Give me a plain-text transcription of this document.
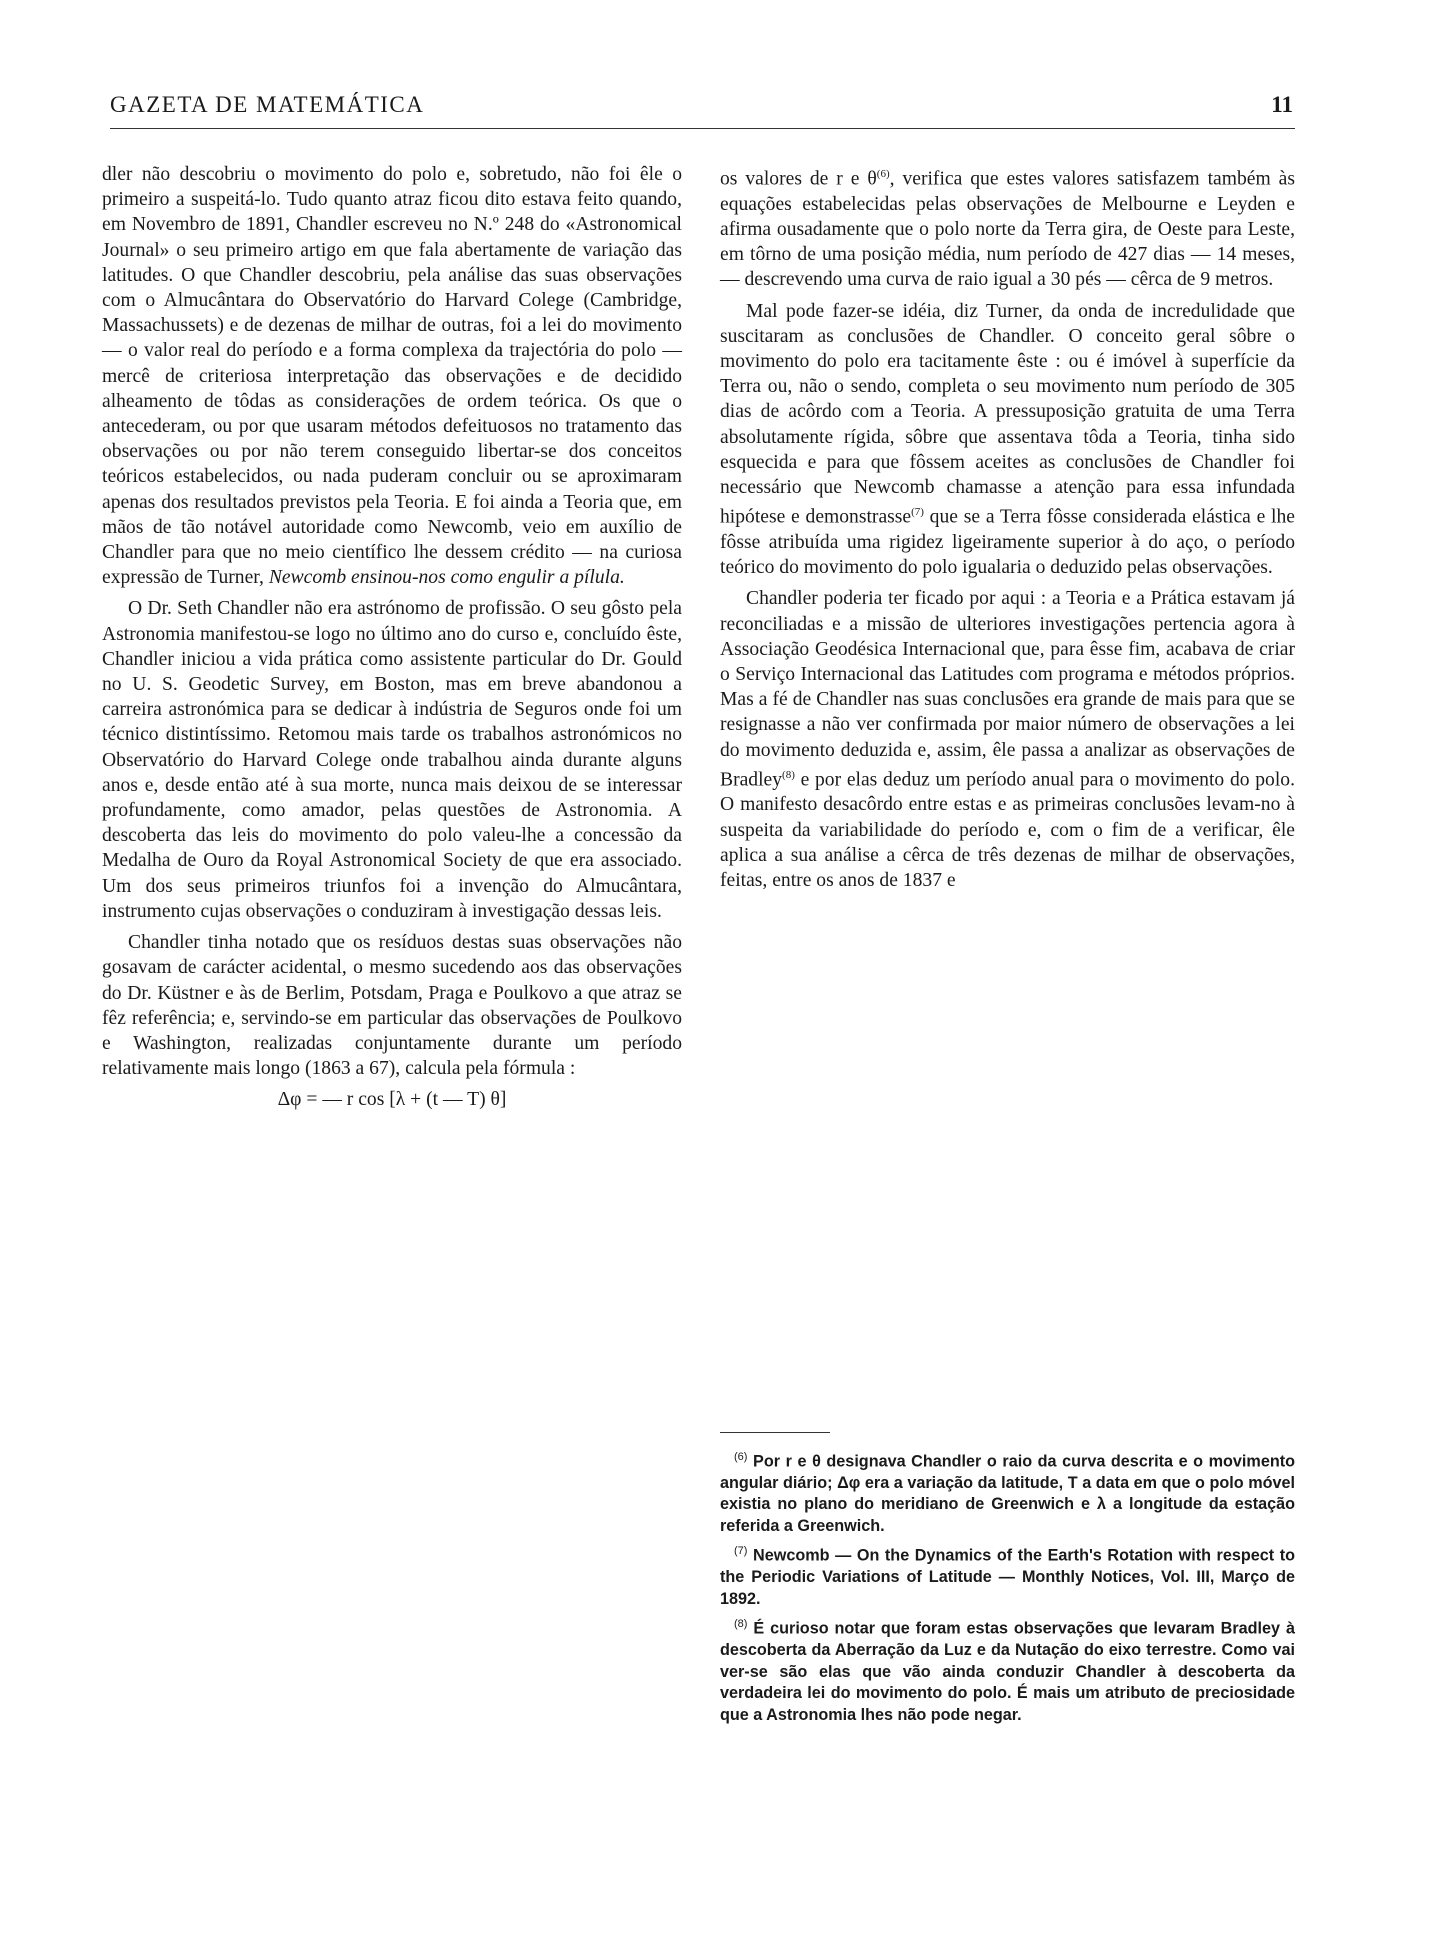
GAZETA DE MATEMÁTICA	11

dler não descobriu o movimento do polo e, sobretudo, não foi êle o primeiro a suspeitá-lo. Tudo quanto atraz ficou dito estava feito quando, em Novembro de 1891, Chandler escreveu no N.º 248 do «Astronomical Journal» o seu primeiro artigo em que fala abertamente de variação das latitudes. O que Chandler descobriu, pela análise das suas observações com o Almucântara do Observatório do Harvard Colege (Cambridge, Massachussets) e de dezenas de milhar de outras, foi a lei do movimento — o valor real do período e a forma complexa da trajectória do polo — mercê de criteriosa interpretação das observações e de decidido alheamento de tôdas as considerações de ordem teórica. Os que o antecederam, ou por que usaram métodos defeituosos no tratamento das observações ou por não terem conseguido libertar-se dos conceitos teóricos estabelecidos, ou nada puderam concluir ou se aproximaram apenas dos resultados previstos pela Teoria. E foi ainda a Teoria que, em mãos de tão notável autoridade como Newcomb, veio em auxílio de Chandler para que no meio científico lhe dessem crédito — na curiosa expressão de Turner, Newcomb ensinou-nos como engulir a pílula.

O Dr. Seth Chandler não era astrónomo de profissão. O seu gôsto pela Astronomia manifestou-se logo no último ano do curso e, concluído êste, Chandler iniciou a vida prática como assistente particular do Dr. Gould no U. S. Geodetic Survey, em Boston, mas em breve abandonou a carreira astronómica para se dedicar à indústria de Seguros onde foi um técnico distintíssimo. Retomou mais tarde os trabalhos astronómicos no Observatório do Harvard Colege onde trabalhou ainda durante alguns anos e, desde então até à sua morte, nunca mais deixou de se interessar profundamente, como amador, pelas questões de Astronomia. A descoberta das leis do movimento do polo valeu-lhe a concessão da Medalha de Ouro da Royal Astronomical Society de que era associado. Um dos seus primeiros triunfos foi a invenção do Almucântara, instrumento cujas observações o conduziram à investigação dessas leis.

Chandler tinha notado que os resíduos destas suas observações não gosavam de carácter acidental, o mesmo sucedendo aos das observações do Dr. Küstner e às de Berlim, Potsdam, Praga e Poulkovo a que atraz se fêz referência; e, servindo-se em particular das observações de Poulkovo e Washington, realizadas conjuntamente durante um período relativamente mais longo (1863 a 67), calcula pela fórmula :

Δφ = — r cos [λ + (t — T) θ]

os valores de r e $\theta^{(6)}$, verifica que estes valores satisfazem também às equações estabelecidas pelas observações de Melbourne e Leyden e afirma ousadamente que o polo norte da Terra gira, de Oeste para Leste, em tôrno de uma posição média, num período de 427 dias — 14 meses, — descrevendo uma curva de raio igual a 30 pés — cêrca de 9 metros.

Mal pode fazer-se idéia, diz Turner, da onda de incredulidade que suscitaram as conclusões de Chandler. O conceito geral sôbre o movimento do polo era tacitamente êste : ou é imóvel à superfície da Terra ou, não o sendo, completa o seu movimento num período de 305 dias de acôrdo com a Teoria. A pressuposição gratuita de uma Terra absolutamente rígida, sôbre que assentava tôda a Teoria, tinha sido esquecida e para que fôssem aceites as conclusões de Chandler foi necessário que Newcomb chamasse a atenção para essa infundada hipótese e demonstrasse$^{(7)}$ que se a Terra fôsse considerada elástica e lhe fôsse atribuída uma rigidez ligeiramente superior à do aço, o período teórico do movimento do polo igualaria o deduzido pelas observações.

Chandler poderia ter ficado por aqui : a Teoria e a Prática estavam já reconciliadas e a missão de ulteriores investigações pertencia agora à Associação Geodésica Internacional que, para êsse fim, acabava de criar o Serviço Internacional das Latitudes com programa e métodos próprios. Mas a fé de Chandler nas suas conclusões era grande de mais para que se resignasse a não ver confirmada por maior número de observações a lei do movimento deduzida e, assim, êle passa a analizar as observações de Bradley$^{(8)}$ e por elas deduz um período anual para o movimento do polo. O manifesto desacôrdo entre estas e as primeiras conclusões levam-no à suspeita da variabilidade do período e, com o fim de a verificar, êle aplica a sua análise a cêrca de três dezenas de milhar de observações, feitas, entre os anos de 1837 e

$^{(6)}$ Por r e θ designava Chandler o raio da curva descrita e o movimento angular diário; Δφ era a variação da latitude, T a data em que o polo móvel existia no plano do meridiano de Greenwich e λ a longitude da estação referida a Greenwich.

$^{(7)}$ Newcomb — On the Dynamics of the Earth's Rotation with respect to the Periodic Variations of Latitude — Monthly Notices, Vol. III, Março de 1892.

$^{(8)}$ É curioso notar que foram estas observações que levaram Bradley à descoberta da Aberração da Luz e da Nutação do eixo terrestre. Como vai ver-se são elas que vão ainda conduzir Chandler à descoberta da verdadeira lei do movimento do polo. É mais um atributo de preciosidade que a Astronomia lhes não pode negar.
